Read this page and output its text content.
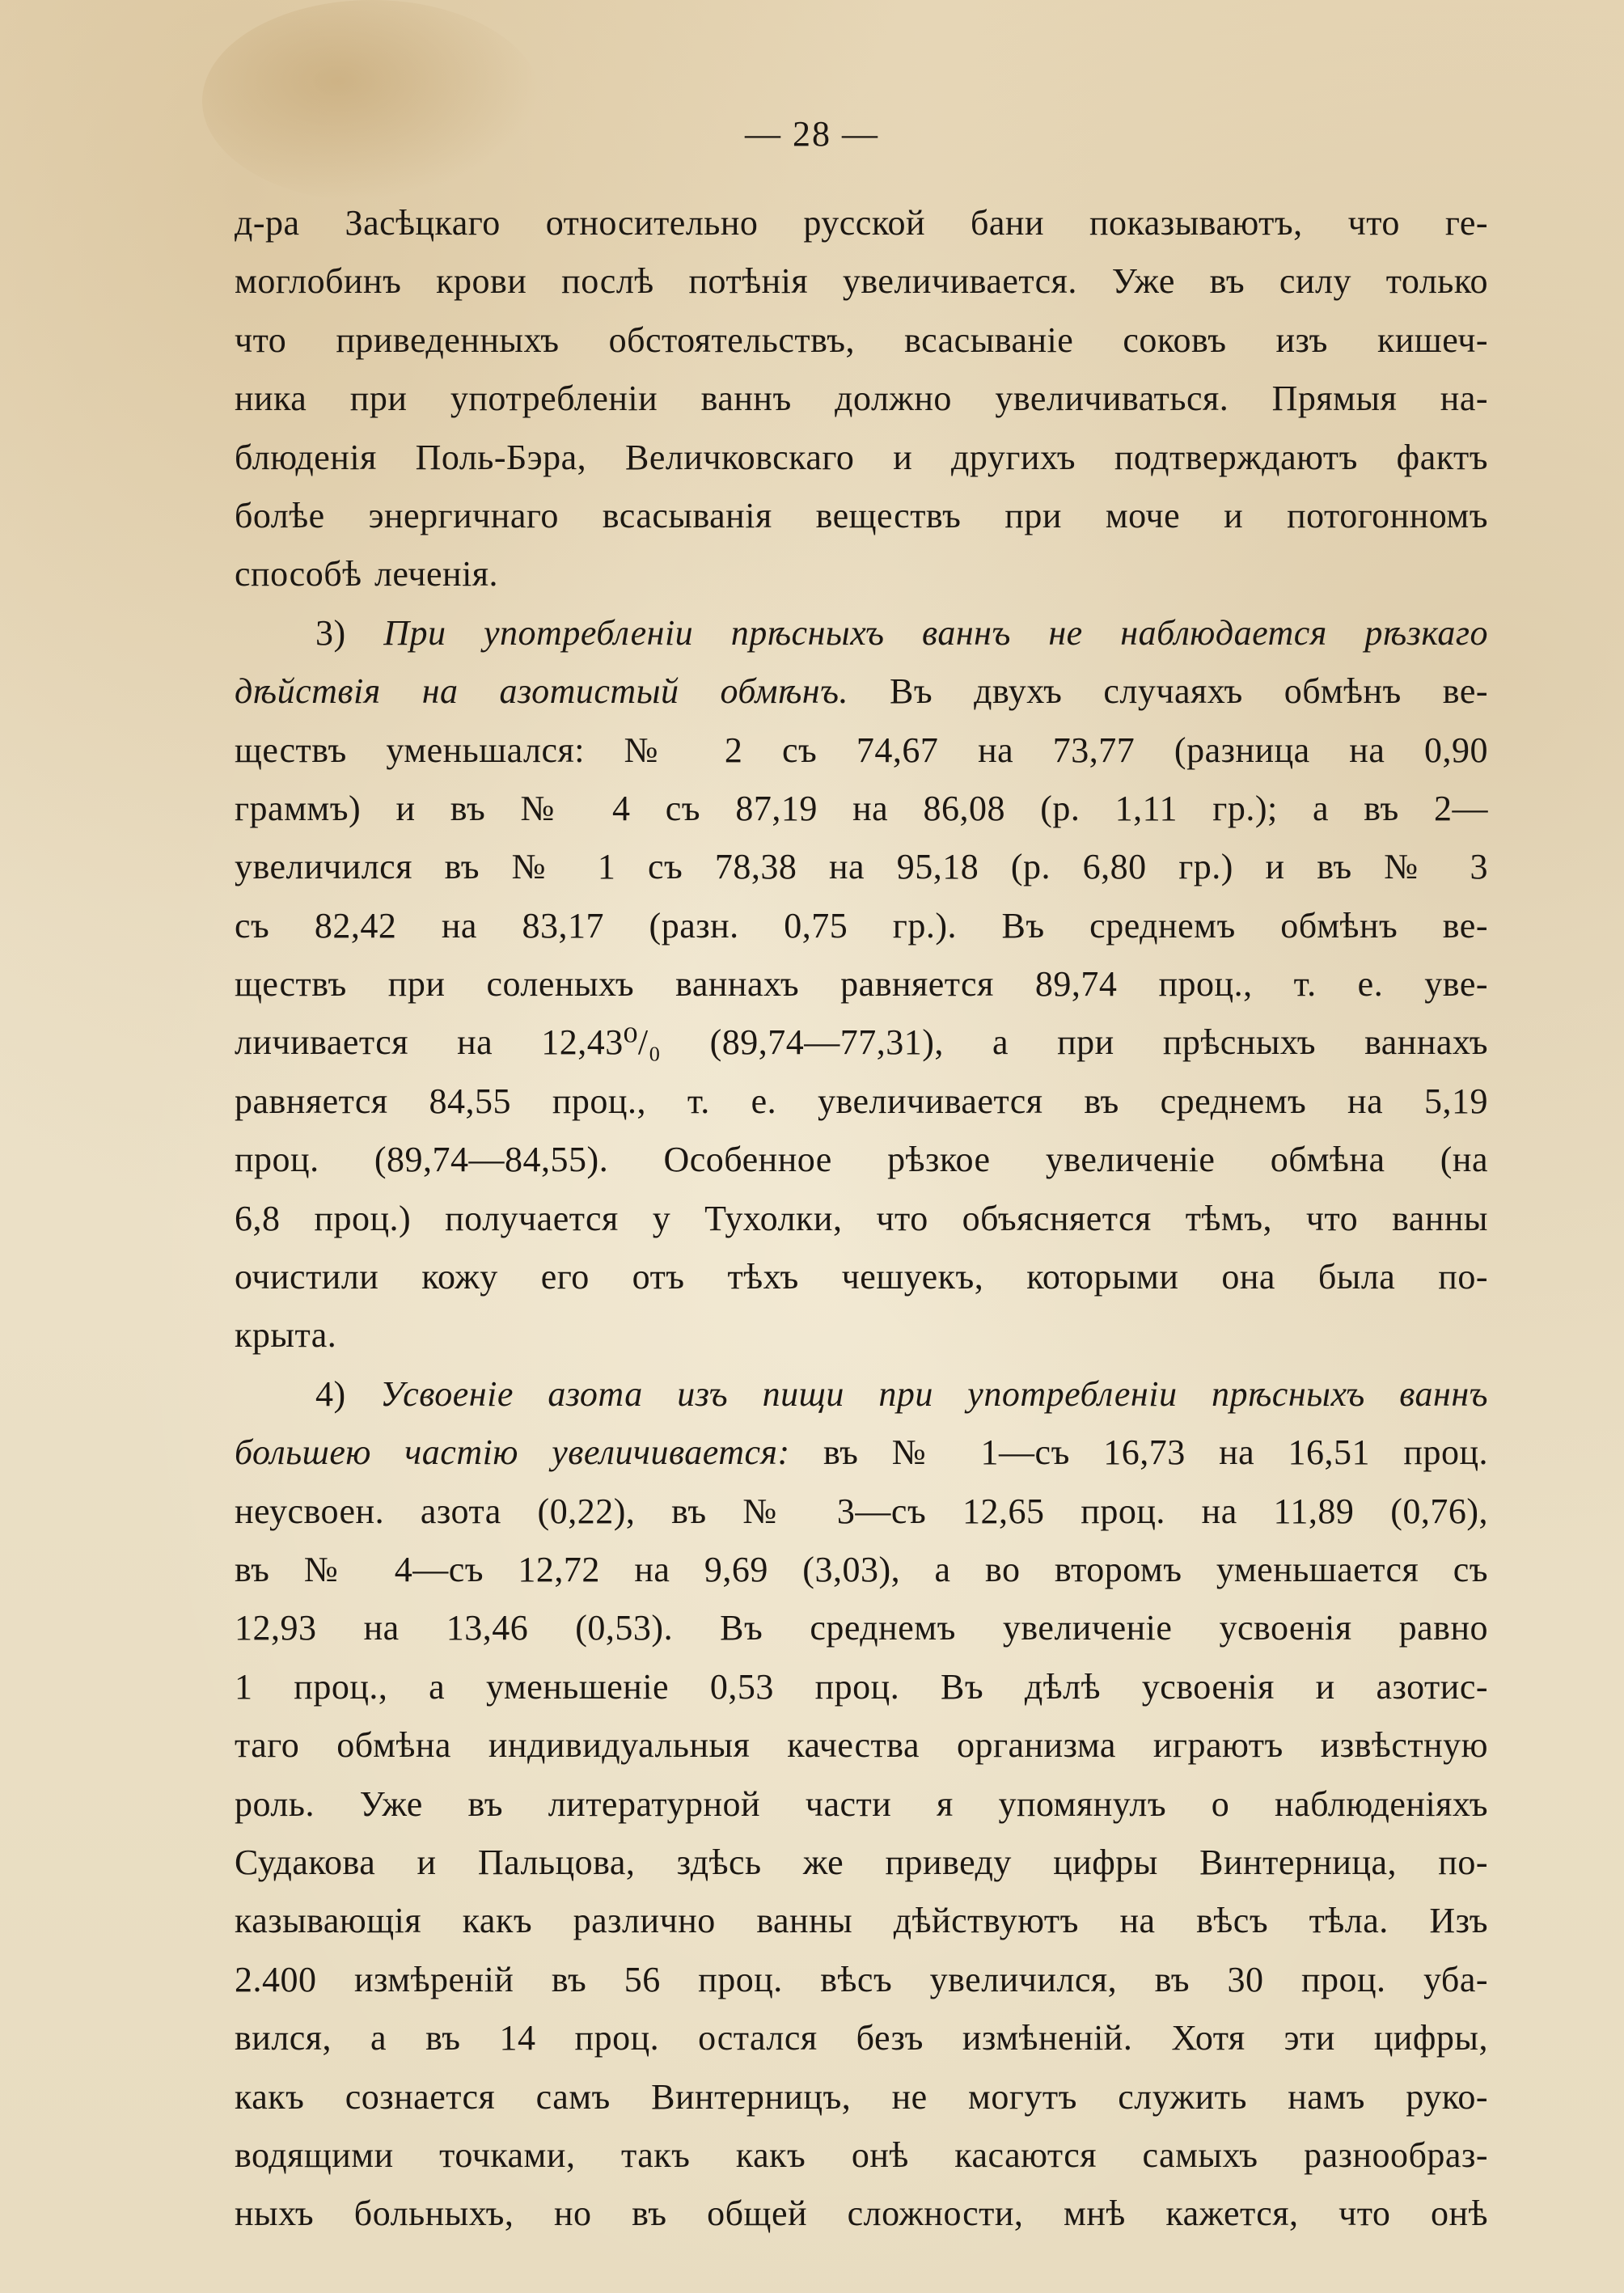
— 28 —
д-ра Засѣцкаго относительно русской бани показываютъ, что ге-
моглобинъ крови послѣ потѣнія увеличивается. Уже въ силу только
что приведенныхъ обстоятельствъ, всасываніе соковъ изъ кишеч-
ника при употребленіи ваннъ должно увеличиваться. Прямыя на-
блюденія Поль-Бэра, Величковскаго и другихъ подтверждаютъ фактъ
болѣе энергичнаго всасыванія веществъ при моче и потогонномъ
способѣ леченія.
3) При употребленіи прѣсныхъ ваннъ не наблюдается рѣзкаго
дѣйствія на азотистый обмѣнъ. Въ двухъ случаяхъ обмѣнъ ве-
ществъ уменьшался: № 2 съ 74,67 на 73,77 (разница на 0,90
граммъ) и въ № 4 съ 87,19 на 86,08 (р. 1,11 гр.); а въ 2—
увеличился въ № 1 съ 78,38 на 95,18 (р. 6,80 гр.) и въ № 3
съ 82,42 на 83,17 (разн. 0,75 гр.). Въ среднемъ обмѣнъ ве-
ществъ при соленыхъ ваннахъ равняется 89,74 проц., т. е. уве-
личивается на 12,43⁰/₀ (89,74—77,31), а при прѣсныхъ ваннахъ
равняется 84,55 проц., т. е. увеличивается въ среднемъ на 5,19
проц. (89,74—84,55). Особенное рѣзкое увеличеніе обмѣна (на
6,8 проц.) получается у Тухолки, что объясняется тѣмъ, что ванны
очистили кожу его отъ тѣхъ чешуекъ, которыми она была по-
крыта.
4) Усвоеніе азота изъ пищи при употребленіи прѣсныхъ ваннъ
большею частію увеличивается: въ № 1—съ 16,73 на 16,51 проц.
неусвоен. азота (0,22), въ № 3—съ 12,65 проц. на 11,89 (0,76),
въ № 4—съ 12,72 на 9,69 (3,03), а во второмъ уменьшается съ
12,93 на 13,46 (0,53). Въ среднемъ увеличеніе усвоенія равно
1 проц., а уменьшеніе 0,53 проц. Въ дѣлѣ усвоенія и азотис-
таго обмѣна индивидуальныя качества организма играютъ извѣстную
роль. Уже въ литературной части я упомянулъ о наблюденіяхъ
Судакова и Пальцова, здѣсь же приведу цифры Винтерница, по-
казывающія какъ различно ванны дѣйствуютъ на вѣсъ тѣла. Изъ
2.400 измѣреній въ 56 проц. вѣсъ увеличился, въ 30 проц. уба-
вился, а въ 14 проц. остался безъ измѣненій. Хотя эти цифры,
какъ сознается самъ Винтерницъ, не могутъ служить намъ руко-
водящими точками, такъ какъ онѣ касаются самыхъ разнообраз-
ныхъ больныхъ, но въ общей сложности, мнѣ кажется, что онѣ
